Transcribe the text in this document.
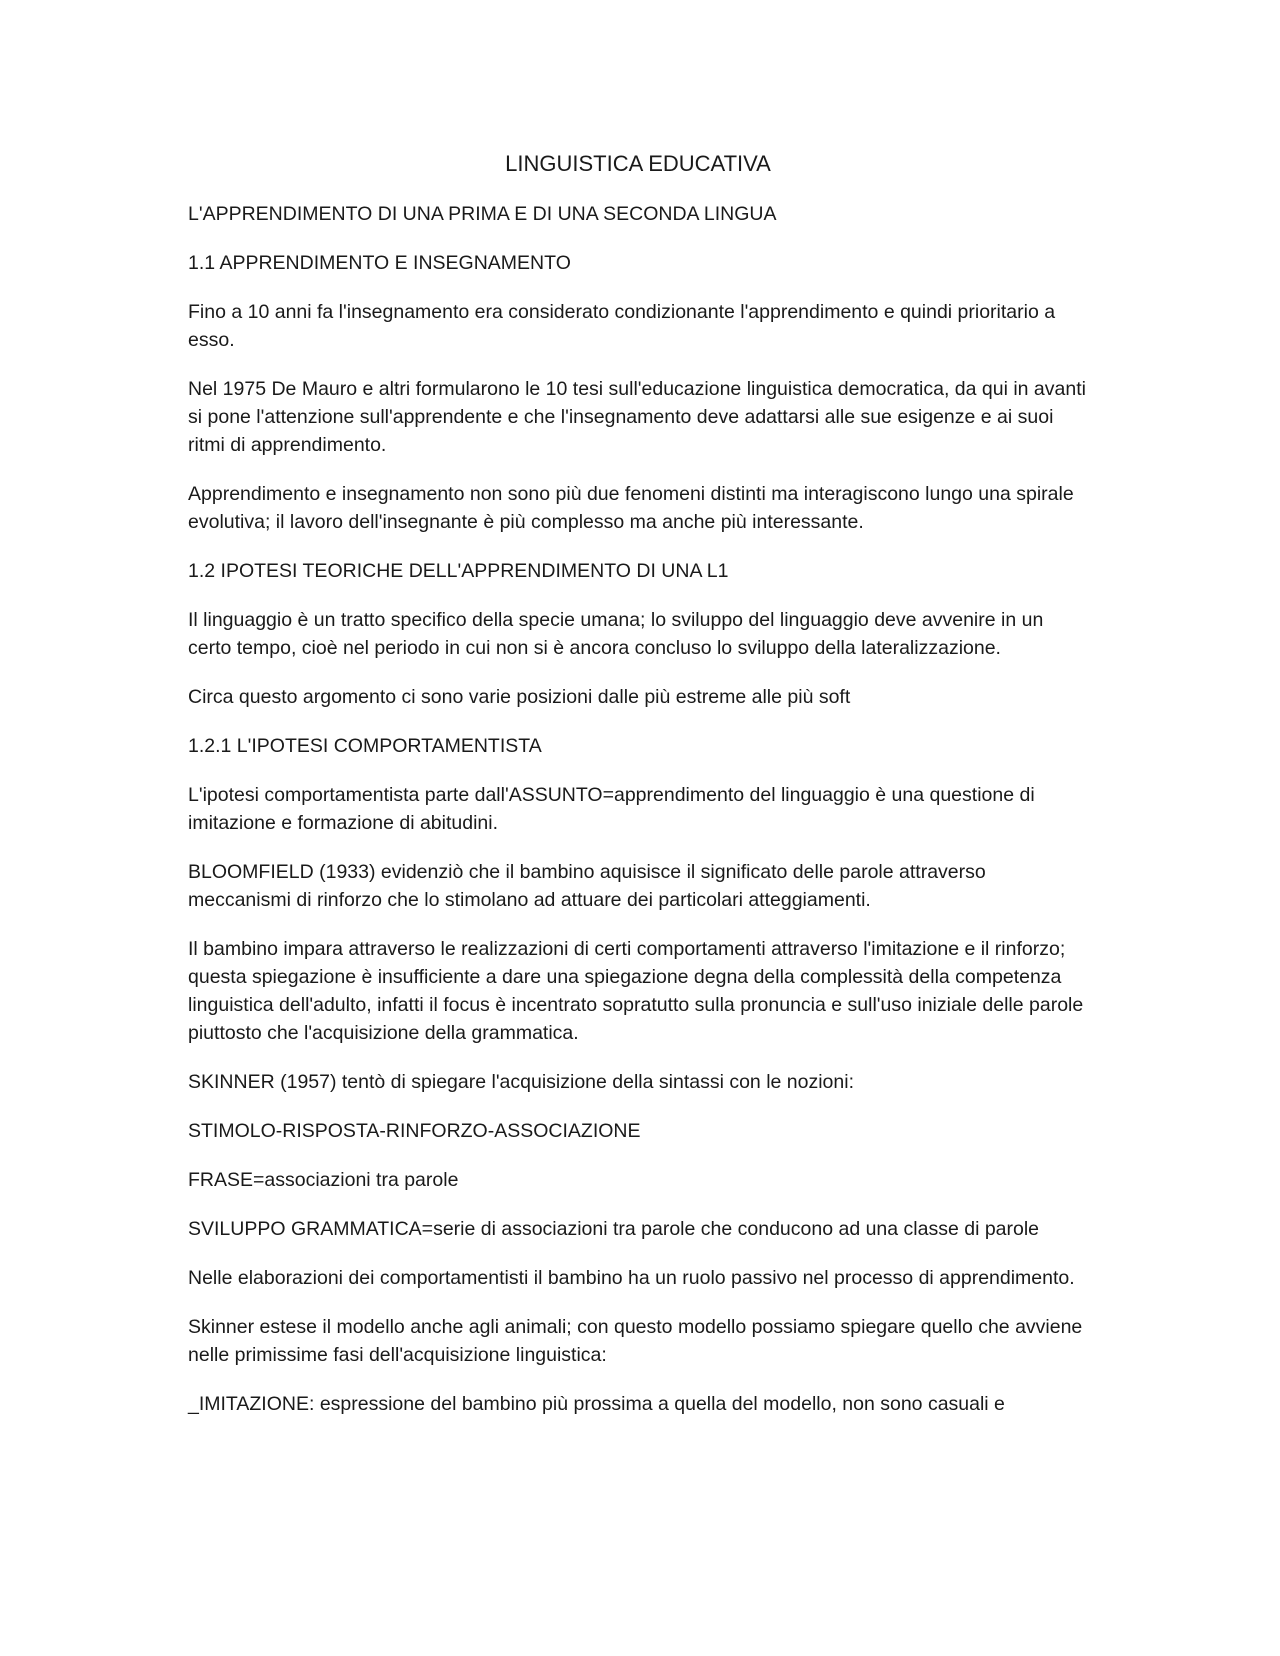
LINGUISTICA EDUCATIVA

L'APPRENDIMENTO DI UNA PRIMA E DI UNA SECONDA LINGUA

1.1 APPRENDIMENTO E INSEGNAMENTO

Fino a 10 anni fa l'insegnamento era considerato condizionante l'apprendimento e quindi prioritario a esso.

Nel 1975 De Mauro e altri formularono le 10 tesi sull'educazione linguistica democratica, da qui in avanti si pone l'attenzione sull'apprendente e che l'insegnamento deve adattarsi alle sue esigenze e ai suoi ritmi di apprendimento.

Apprendimento e insegnamento non sono più due fenomeni distinti ma interagiscono lungo una spirale evolutiva; il lavoro dell'insegnante è più complesso ma anche più interessante.

1.2 IPOTESI TEORICHE DELL'APPRENDIMENTO DI UNA L1

Il linguaggio è un tratto specifico della specie umana; lo sviluppo del linguaggio deve avvenire in un certo tempo, cioè nel periodo in cui non si è ancora concluso lo sviluppo della lateralizzazione.

Circa questo argomento ci sono varie posizioni dalle più estreme alle più soft

1.2.1 L'IPOTESI COMPORTAMENTISTA

L'ipotesi comportamentista parte dall'ASSUNTO=apprendimento del linguaggio è una questione di imitazione e formazione di abitudini.

BLOOMFIELD (1933) evidenziò che il bambino aquisisce il significato delle parole attraverso meccanismi di rinforzo che lo stimolano ad attuare dei particolari atteggiamenti.

Il bambino impara attraverso le realizzazioni di certi comportamenti attraverso l'imitazione e il rinforzo; questa spiegazione è insufficiente a dare una spiegazione degna della complessità della competenza linguistica dell'adulto, infatti il focus è incentrato sopratutto sulla pronuncia e sull'uso iniziale delle parole piuttosto che l'acquisizione della grammatica.

SKINNER (1957) tentò di spiegare l'acquisizione della sintassi con le nozioni:

STIMOLO-RISPOSTA-RINFORZO-ASSOCIAZIONE

FRASE=associazioni tra parole

SVILUPPO GRAMMATICA=serie di associazioni tra parole che conducono ad una classe di parole

Nelle elaborazioni dei comportamentisti il bambino ha un ruolo passivo nel processo di apprendimento.

Skinner estese il modello anche agli animali; con questo modello possiamo spiegare quello che avviene nelle primissime fasi dell'acquisizione linguistica:

_IMITAZIONE: espressione del bambino più prossima a quella del modello, non sono casuali e
